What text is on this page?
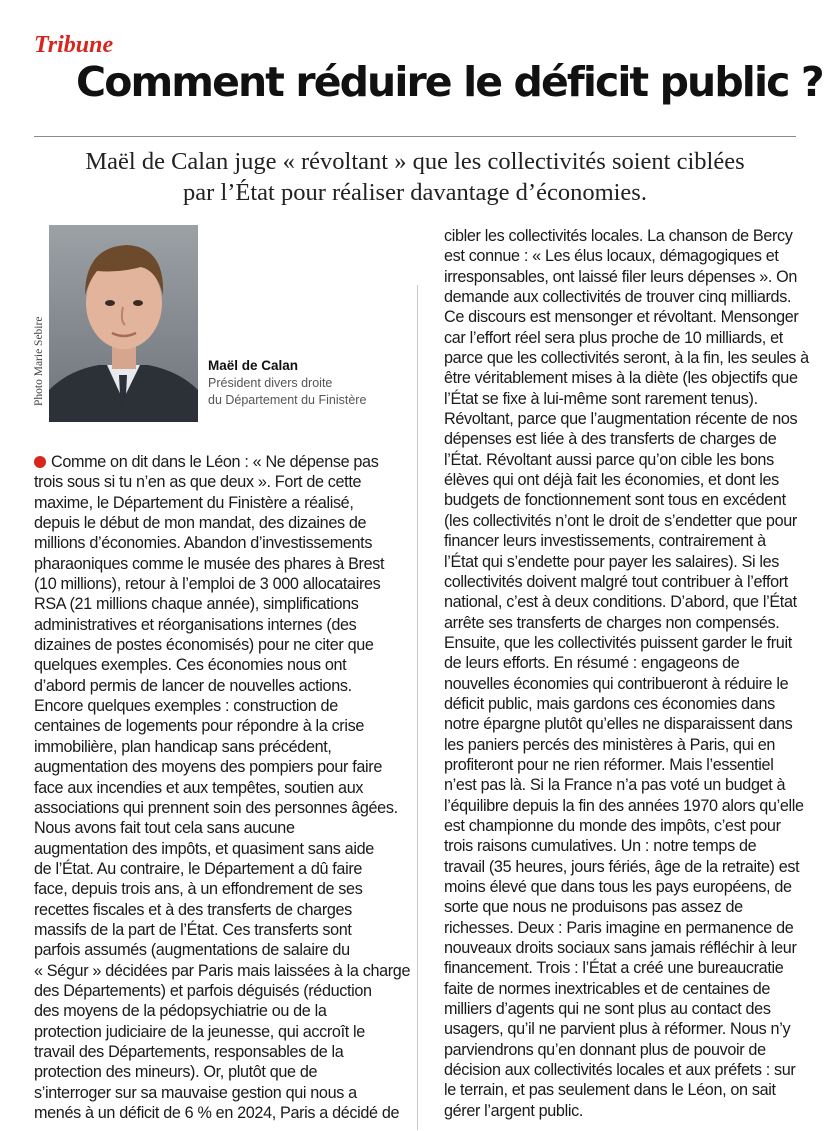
Tribune
Comment réduire le déficit public ?
Maël de Calan juge « révoltant » que les collectivités soient ciblées
par l’État pour réaliser davantage d’économies.
Photo Marie Sebire	Maël de Calan
Président divers droite
du Département du Finistère
Comme on dit dans le Léon : « Ne dépense pas
trois sous si tu n’en as que deux ». Fort de cette
maxime, le Département du Finistère a réalisé,
depuis le début de mon mandat, des dizaines de
millions d’économies. Abandon d’investissements
pharaoniques comme le musée des phares à Brest
(10 millions), retour à l’emploi de 3 000 allocataires
RSA (21 millions chaque année), simplifications
administratives et réorganisations internes (des
dizaines de postes économisés) pour ne citer que
quelques exemples. Ces économies nous ont
d’abord permis de lancer de nouvelles actions.
Encore quelques exemples : construction de
centaines de logements pour répondre à la crise
immobilière, plan handicap sans précédent,
augmentation des moyens des pompiers pour faire
face aux incendies et aux tempêtes, soutien aux
associations qui prennent soin des personnes âgées.
Nous avons fait tout cela sans aucune
augmentation des impôts, et quasiment sans aide
de l’État. Au contraire, le Département a dû faire
face, depuis trois ans, à un effondrement de ses
recettes fiscales et à des transferts de charges
massifs de la part de l’État. Ces transferts sont
parfois assumés (augmentations de salaire du
« Ségur » décidées par Paris mais laissées à la charge
des Départements) et parfois déguisés (réduction
des moyens de la pédopsychiatrie ou de la
protection judiciaire de la jeunesse, qui accroît le
travail des Départements, responsables de la
protection des mineurs). Or, plutôt que de
s’interroger sur sa mauvaise gestion qui nous a
menés à un déficit de 6 % en 2024, Paris a décidé de
cibler les collectivités locales. La chanson de Bercy
est connue : « Les élus locaux, démagogiques et
irresponsables, ont laissé filer leurs dépenses ». On
demande aux collectivités de trouver cinq milliards.
Ce discours est mensonger et révoltant. Mensonger
car l’effort réel sera plus proche de 10 milliards, et
parce que les collectivités seront, à la fin, les seules à
être véritablement mises à la diète (les objectifs que
l’État se fixe à lui-même sont rarement tenus).
Révoltant, parce que l’augmentation récente de nos
dépenses est liée à des transferts de charges de
l’État. Révoltant aussi parce qu’on cible les bons
élèves qui ont déjà fait les économies, et dont les
budgets de fonctionnement sont tous en excédent
(les collectivités n’ont le droit de s’endetter que pour
financer leurs investissements, contrairement à
l’État qui s’endette pour payer les salaires). Si les
collectivités doivent malgré tout contribuer à l’effort
national, c’est à deux conditions. D’abord, que l’État
arrête ses transferts de charges non compensés.
Ensuite, que les collectivités puissent garder le fruit
de leurs efforts. En résumé : engageons de
nouvelles économies qui contribueront à réduire le
déficit public, mais gardons ces économies dans
notre épargne plutôt qu’elles ne disparaissent dans
les paniers percés des ministères à Paris, qui en
profiteront pour ne rien réformer. Mais l’essentiel
n’est pas là. Si la France n’a pas voté un budget à
l’équilibre depuis la fin des années 1970 alors qu’elle
est championne du monde des impôts, c’est pour
trois raisons cumulatives. Un : notre temps de
travail (35 heures, jours fériés, âge de la retraite) est
moins élevé que dans tous les pays européens, de
sorte que nous ne produisons pas assez de
richesses. Deux : Paris imagine en permanence de
nouveaux droits sociaux sans jamais réfléchir à leur
financement. Trois : l’État a créé une bureaucratie
faite de normes inextricables et de centaines de
milliers d’agents qui ne sont plus au contact des
usagers, qu’il ne parvient plus à réformer. Nous n’y
parviendrons qu’en donnant plus de pouvoir de
décision aux collectivités locales et aux préfets : sur
le terrain, et pas seulement dans le Léon, on sait
gérer l’argent public.
